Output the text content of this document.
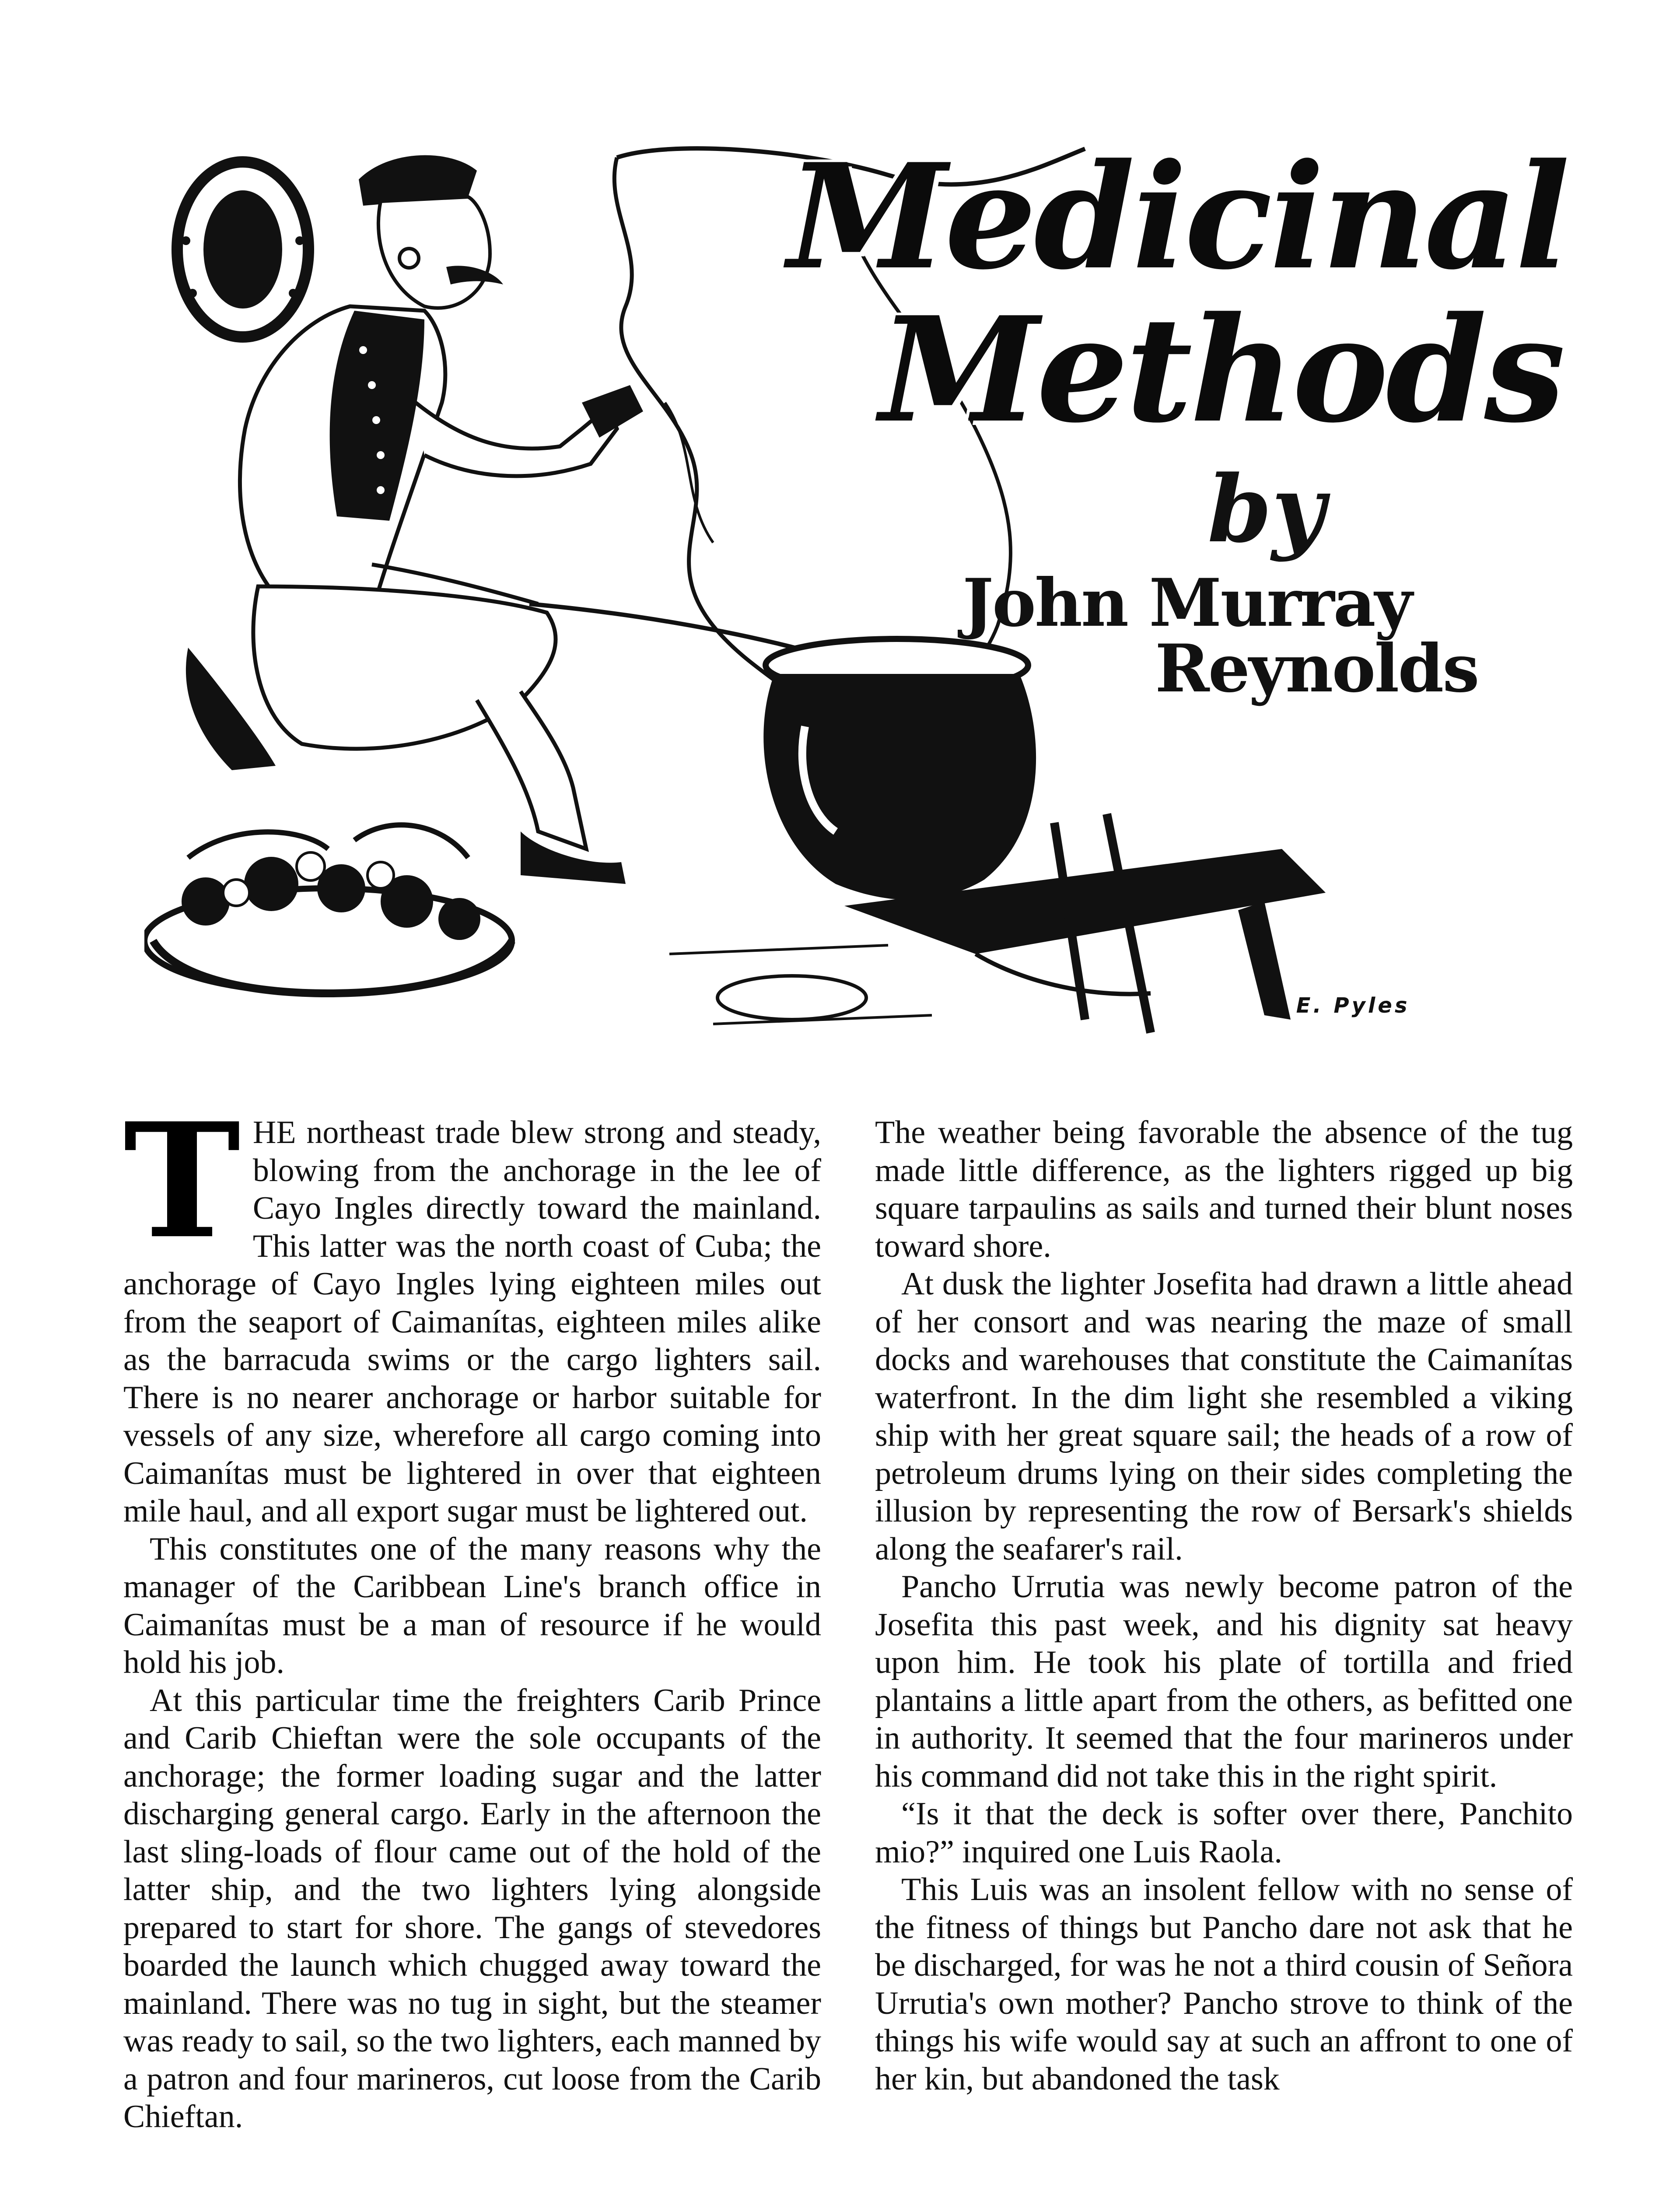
Medicinal
Methods
by
John Murray
Reynolds
V. E. Pyles
T HE northeast trade blew strong and steady, blowing from the anchorage in the lee of Cayo Ingles directly toward the mainland. This latter was the north coast of Cuba; the anchorage of Cayo Ingles lying eighteen miles out from the seaport of Caimanítas, eighteen miles alike as the barracuda swims or the cargo lighters sail. There is no nearer anchorage or harbor suitable for vessels of any size, wherefore all cargo coming into Caimanítas must be lightered in over that eighteen mile haul, and all export sugar must be lightered out.

This constitutes one of the many reasons why the manager of the Caribbean Line's branch office in Caimanítas must be a man of resource if he would hold his job.

At this particular time the freighters Carib Prince and Carib Chieftan were the sole occupants of the anchorage; the former loading sugar and the latter discharging general cargo. Early in the afternoon the last sling-loads of flour came out of the hold of the latter ship, and the two lighters lying alongside prepared to start for shore. The gangs of stevedores boarded the launch which chugged away toward the mainland. There was no tug in sight, but the steamer was ready to sail, so the two lighters, each manned by a patron and four marineros, cut loose from the Carib Chieftan.

The weather being favorable the absence of the tug made little difference, as the lighters rigged up big square tarpaulins as sails and turned their blunt noses toward shore.

At dusk the lighter Josefita had drawn a little ahead of her consort and was nearing the maze of small docks and warehouses that constitute the Caimanítas waterfront. In the dim light she resembled a viking ship with her great square sail; the heads of a row of petroleum drums lying on their sides completing the illusion by representing the row of Bersark's shields along the seafarer's rail.

Pancho Urrutia was newly become patron of the Josefita this past week, and his dignity sat heavy upon him. He took his plate of tortilla and fried plantains a little apart from the others, as befitted one in authority. It seemed that the four marineros under his command did not take this in the right spirit.

“Is it that the deck is softer over there, Panchito mio?” inquired one Luis Raola.

This Luis was an insolent fellow with no sense of the fitness of things but Pancho dare not ask that he be discharged, for was he not a third cousin of Señora Urrutia's own mother? Pancho strove to think of the things his wife would say at such an affront to one of her kin, but abandoned the task
